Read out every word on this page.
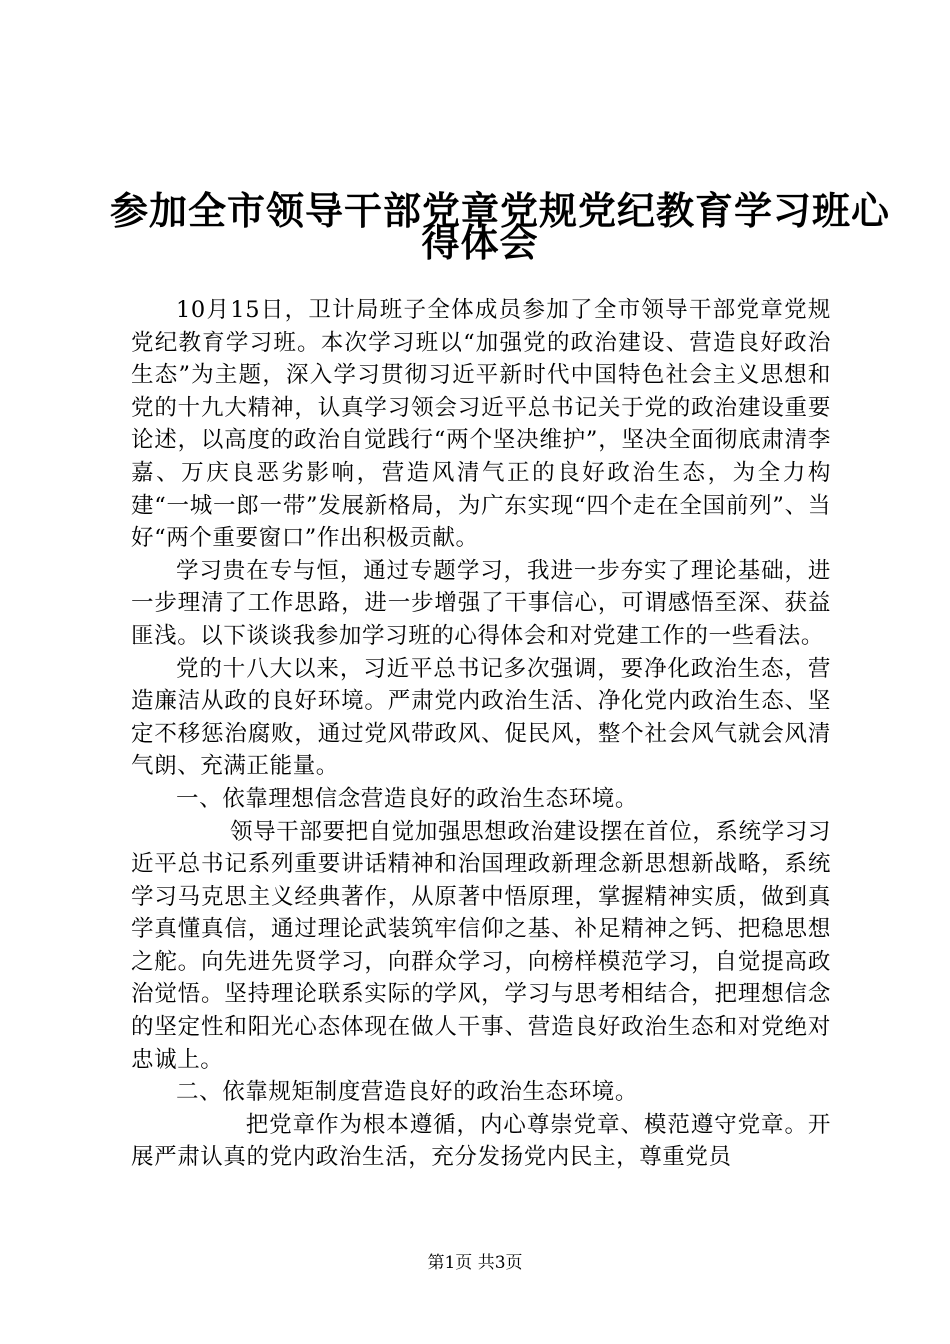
参加全市领导干部党章党规党纪教育学习班心
得体会

10月15日，卫计局班子全体成员参加了全市领导干部党章党规党纪教育学习班。本次学习班以“加强党的政治建设、营造良好政治生态”为主题，深入学习贯彻习近平新时代中国特色社会主义思想和党的十九大精神，认真学习领会习近平总书记关于党的政治建设重要论述，以高度的政治自觉践行“两个坚决维护”，坚决全面彻底肃清李嘉、万庆良恶劣影响，营造风清气正的良好政治生态，为全力构建“一城一郎一带”发展新格局，为广东实现“四个走在全国前列”、当好“两个重要窗口”作出积极贡献。

学习贵在专与恒，通过专题学习，我进一步夯实了理论基础，进一步理清了工作思路，进一步增强了干事信心，可谓感悟至深、获益匪浅。以下谈谈我参加学习班的心得体会和对党建工作的一些看法。

党的十八大以来，习近平总书记多次强调，要净化政治生态，营造廉洁从政的良好环境。严肃党内政治生活、净化党内政治生态、坚定不移惩治腐败，通过党风带政风、促民风，整个社会风气就会风清气朗、充满正能量。

一、依靠理想信念营造良好的政治生态环境。

领导干部要把自觉加强思想政治建设摆在首位，系统学习习近平总书记系列重要讲话精神和治国理政新理念新思想新战略，系统学习马克思主义经典著作，从原著中悟原理，掌握精神实质，做到真学真懂真信，通过理论武装筑牢信仰之基、补足精神之钙、把稳思想之舵。向先进先贤学习，向群众学习，向榜样模范学习，自觉提高政治觉悟。坚持理论联系实际的学风，学习与思考相结合，把理想信念的坚定性和阳光心态体现在做人干事、营造良好政治生态和对党绝对忠诚上。

二、依靠规矩制度营造良好的政治生态环境。

把党章作为根本遵循，内心尊崇党章、模范遵守党章。开展严肃认真的党内政治生活，充分发扬党内民主，尊重党员

第1页 共3页
